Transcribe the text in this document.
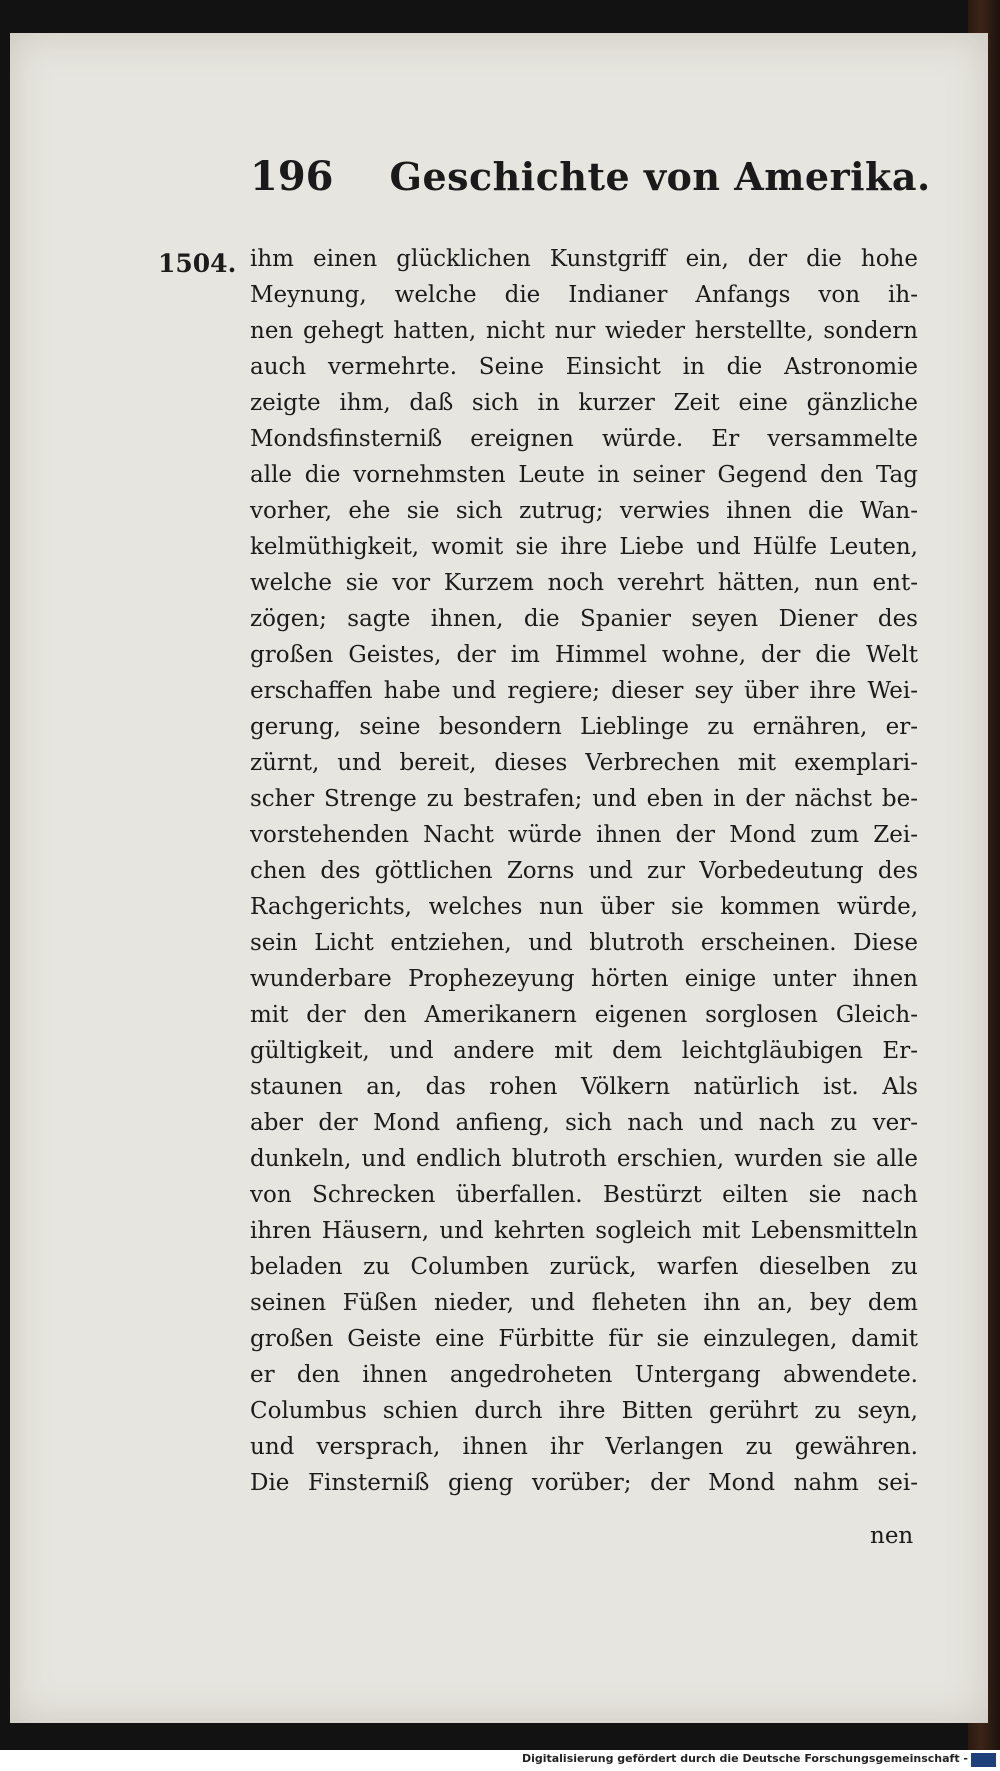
196 Geschichte von Amerika.
1504. ihm einen glücklichen Kunstgriff ein, der die hohe
Meynung, welche die Indianer Anfangs von ih-
nen gehegt hatten, nicht nur wieder herstellte, sondern
auch vermehrte. Seine Einsicht in die Astronomie
zeigte ihm, daß sich in kurzer Zeit eine gänzliche
Mondsfinsterniß ereignen würde. Er versammelte
alle die vornehmsten Leute in seiner Gegend den Tag
vorher, ehe sie sich zutrug; verwies ihnen die Wan-
kelmüthigkeit, womit sie ihre Liebe und Hülfe Leuten,
welche sie vor Kurzem noch verehrt hätten, nun ent-
zögen; sagte ihnen, die Spanier seyen Diener des
großen Geistes, der im Himmel wohne, der die Welt
erschaffen habe und regiere; dieser sey über ihre Wei-
gerung, seine besondern Lieblinge zu ernähren, er-
zürnt, und bereit, dieses Verbrechen mit exemplari-
scher Strenge zu bestrafen; und eben in der nächst be-
vorstehenden Nacht würde ihnen der Mond zum Zei-
chen des göttlichen Zorns und zur Vorbedeutung des
Rachgerichts, welches nun über sie kommen würde,
sein Licht entziehen, und blutroth erscheinen. Diese
wunderbare Prophezeyung hörten einige unter ihnen
mit der den Amerikanern eigenen sorglosen Gleich-
gültigkeit, und andere mit dem leichtgläubigen Er-
staunen an, das rohen Völkern natürlich ist. Als
aber der Mond anfieng, sich nach und nach zu ver-
dunkeln, und endlich blutroth erschien, wurden sie alle
von Schrecken überfallen. Bestürzt eilten sie nach
ihren Häusern, und kehrten sogleich mit Lebensmitteln
beladen zu Columben zurück, warfen dieselben zu
seinen Füßen nieder, und fleheten ihn an, bey dem
großen Geiste eine Fürbitte für sie einzulegen, damit
er den ihnen angedroheten Untergang abwendete.
Columbus schien durch ihre Bitten gerührt zu seyn,
und versprach, ihnen ihr Verlangen zu gewähren.
Die Finsterniß gieng vorüber; der Mond nahm sei-
nen
Digitalisierung gefördert durch die Deutsche Forschungsgemeinschaft -
